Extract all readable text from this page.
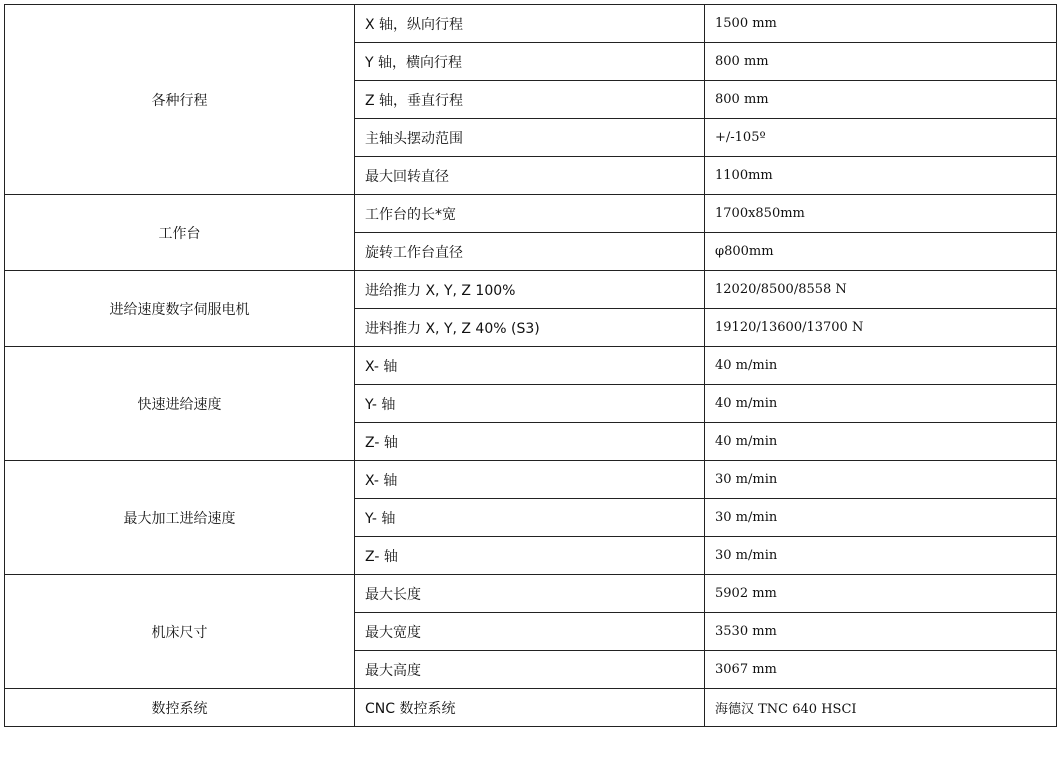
各种行程	X 轴，纵向行程	1500 mm
	Y 轴，横向行程	800 mm
	Z 轴，垂直行程	800 mm
	主轴头摆动范围	+/-105º
	最大回转直径	1100mm
工作台	工作台的长*宽	1700x850mm
	旋转工作台直径	φ800mm
进给速度数字伺服电机	进给推力 X, Y, Z 100%	12020/8500/8558 N
	进料推力 X, Y, Z 40% (S3)	19120/13600/13700 N
快速进给速度	X- 轴	40 m/min
	Y- 轴	40 m/min
	Z- 轴	40 m/min
最大加工进给速度	X- 轴	30 m/min
	Y- 轴	30 m/min
	Z- 轴	30 m/min
机床尺寸	最大长度	5902 mm
	最大宽度	3530 mm
	最大高度	3067 mm
数控系统	CNC 数控系统	海德汉 TNC 640 HSCI
